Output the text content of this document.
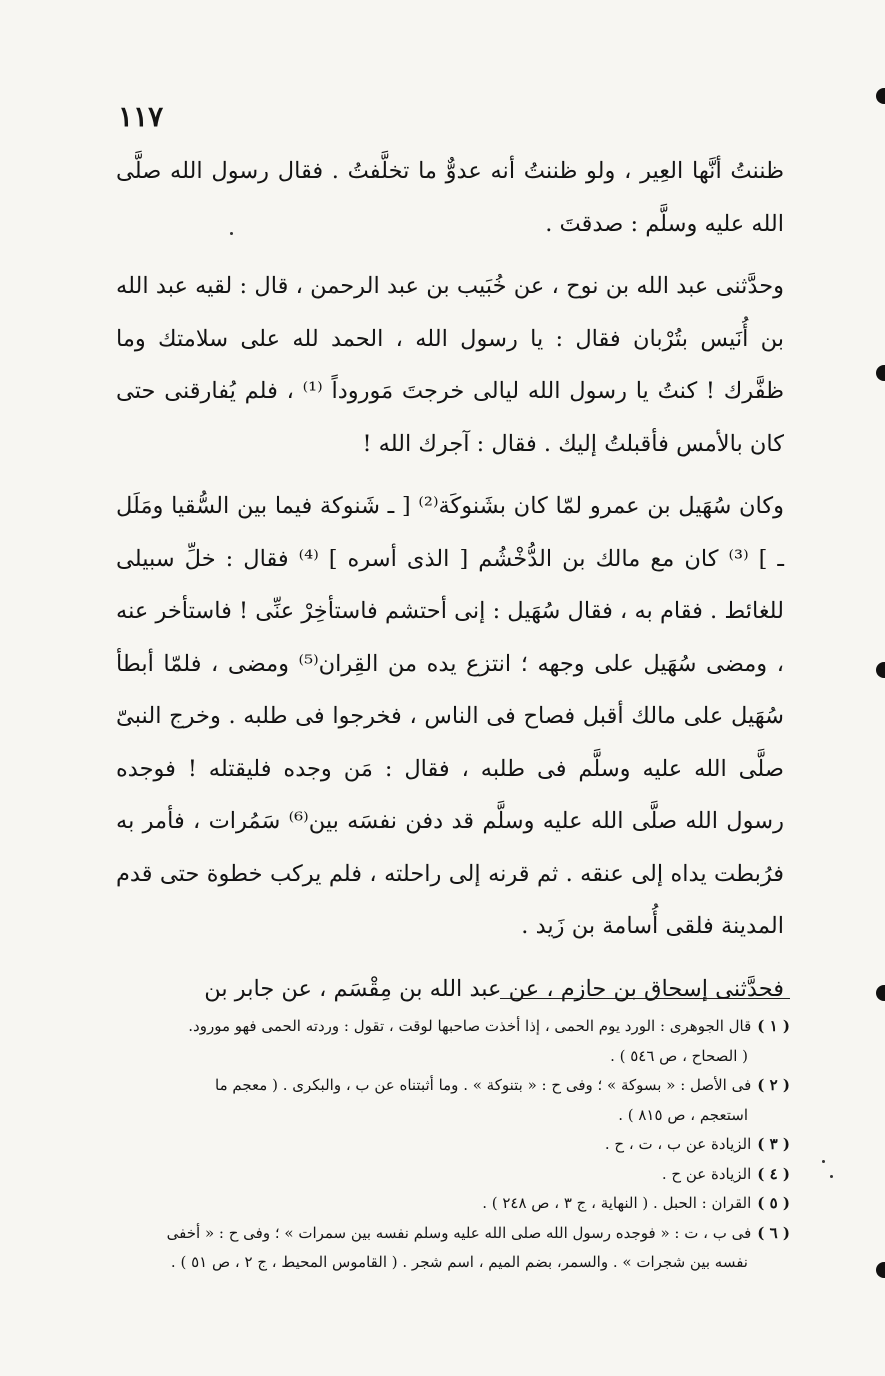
١١٧

ظننتُ أنَّها العِير ، ولو ظننتُ أنه عدوٌّ ما تخلَّفتُ . فقال رسول الله صلَّى الله عليه وسلَّم : صدقتَ .

وحدَّثنى عبد الله بن نوح ، عن خُبَيب بن عبد الرحمن ، قال : لقيه عبد الله بن أُنَيس بتُرْبان فقال : يا رسول الله ، الحمد لله على سلامتك وما ظفَّرك ! كنتُ يا رسول الله ليالى خرجتَ مَوروداً ⁽¹⁾ ، فلم يُفارقنى حتى كان بالأمس فأقبلتُ إليك . فقال : آجرك الله !

وكان سُهَيل بن عمرو لمّا كان بشَنوكَة⁽²⁾ [ ـ شَنوكة فيما بين السُّقيا ومَلَل ـ ] ⁽³⁾ كان مع مالك بن الدُّخْشُم [ الذى أسره ] ⁽⁴⁾ فقال : خلِّ سبيلى للغائط . فقام به ، فقال سُهَيل : إنى أحتشم فاستأخِرْ عنِّى ! فاستأخر عنه ، ومضى سُهَيل على وجهه ؛ انتزع يده من القِران⁽⁵⁾ ومضى ، فلمّا أبطأ سُهَيل على مالك أقبل فصاح فى الناس ، فخرجوا فى طلبه . وخرج النبىّ صلَّى الله عليه وسلَّم فى طلبه ، فقال : مَن وجده فليقتله ! فوجده رسول الله صلَّى الله عليه وسلَّم قد دفن نفسَه بين⁽⁶⁾ سَمُرات ، فأمر به فرُبطت يداه إلى عنقه . ثم قرنه إلى راحلته ، فلم يركب خطوة حتى قدم المدينة فلقى أُسامة بن زَيد .

فحدَّثنى إسحاق بن حازم ، عن عبد الله بن مِقْسَم ، عن جابر بن

( ١ )قال الجوهرى : الورد يوم الحمى ، إذا أخذت صاحبها لوقت ، تقول : وردته الحمى فهو مورود.

( الصحاح ، ص ٥٤٦ ) .

( ٢ )فى الأصل : « بسوكة » ؛ وفى ح : « بتنوكة » . وما أثبتناه عن ب ، والبكرى . ( معجم ما

استعجم ، ص ٨١٥ ) .

( ٣ )الزيادة عن ب ، ت ، ح .

( ٤ )الزيادة عن ح .

( ٥ )القران : الحبل . ( النهاية ، ج ٣ ، ص ٢٤٨ ) .

( ٦ )فى ب ، ت : « فوجده رسول الله صلى الله عليه وسلم نفسه بين سمرات » ؛ وفى ح : « أخفى

نفسه بين شجرات » . والسمر، بضم الميم ، اسم شجر . ( القاموس المحيط ، ج ٢ ، ص ٥١ ) .
